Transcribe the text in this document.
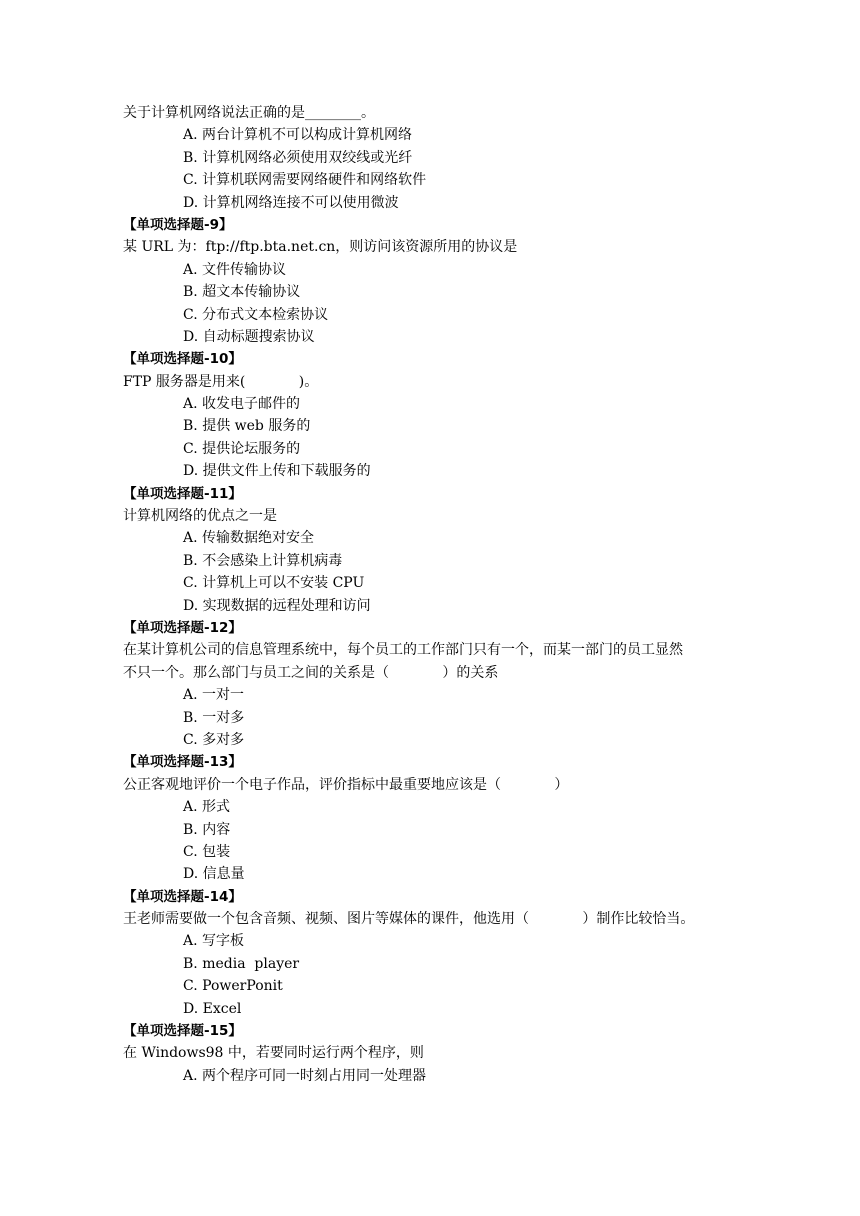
关于计算机网络说法正确的是________。
A. 两台计算机不可以构成计算机网络
B. 计算机网络必须使用双绞线或光纤
C. 计算机联网需要网络硬件和网络软件
D. 计算机网络连接不可以使用微波
【单项选择题-9】
某 URL 为：ftp://ftp.bta.net.cn，则访问该资源所用的协议是
A. 文件传输协议
B. 超文本传输协议
C. 分布式文本检索协议
D. 自动标题搜索协议
【单项选择题-10】
FTP 服务器是用来(            )。
A. 收发电子邮件的
B. 提供 web 服务的
C. 提供论坛服务的
D. 提供文件上传和下载服务的
【单项选择题-11】
计算机网络的优点之一是
A. 传输数据绝对安全
B. 不会感染上计算机病毒
C. 计算机上可以不安装 CPU
D. 实现数据的远程处理和访问
【单项选择题-12】
在某计算机公司的信息管理系统中，每个员工的工作部门只有一个，而某一部门的员工显然
不只一个。那么部门与员工之间的关系是（            ）的关系
A. 一对一
B. 一对多
C. 多对多
【单项选择题-13】
公正客观地评价一个电子作品，评价指标中最重要地应该是（            ）
A. 形式
B. 内容
C. 包装
D. 信息量
【单项选择题-14】
王老师需要做一个包含音频、视频、图片等媒体的课件，他选用（            ）制作比较恰当。
A. 写字板
B. media  player
C. PowerPonit
D. Excel
【单项选择题-15】
在 Windows98 中，若要同时运行两个程序，则
A. 两个程序可同一时刻占用同一处理器
